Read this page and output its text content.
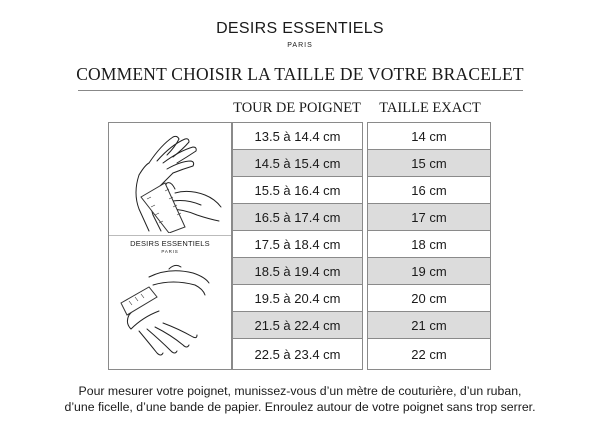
DESIRS ESSENTIELS
PARIS
COMMENT CHOISIR LA TAILLE DE VOTRE BRACELET
TOUR DE POIGNET	TAILLE EXACT
DESIRS ESSENTIELS
PARIS
13.5 à 14.4 cm
14.5 à 15.4 cm
15.5 à 16.4 cm
16.5 à 17.4 cm
17.5 à 18.4 cm
18.5 à 19.4 cm
19.5 à 20.4 cm
21.5 à 22.4 cm
22.5 à 23.4 cm
14 cm
15 cm
16 cm
17 cm
18 cm
19 cm
20 cm
21 cm
22 cm
Pour mesurer votre poignet, munissez-vous d’un mètre de couturière, d’un ruban,
d’une ficelle, d’une bande de papier. Enroulez autour de votre poignet sans trop serrer.
